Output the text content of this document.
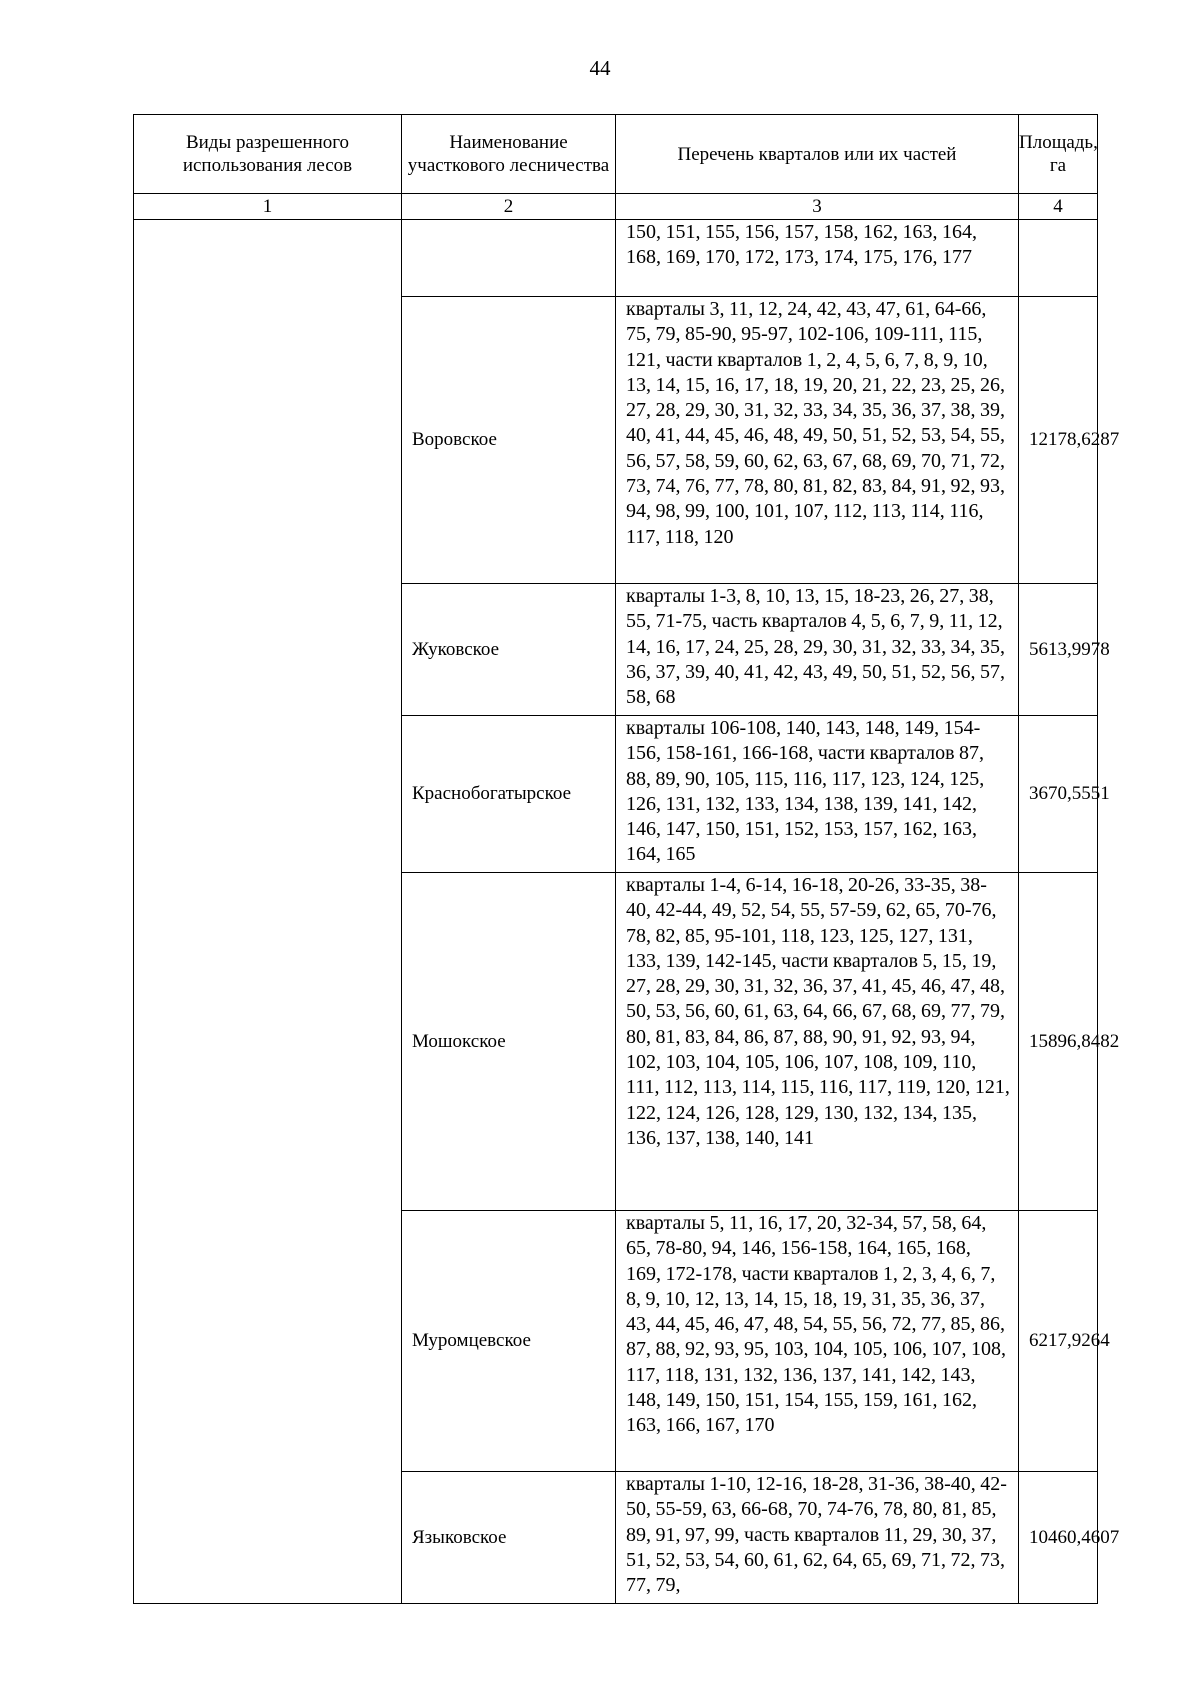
44
Виды разрешенного использования лесов	Наименование участкового лесничества	Перечень кварталов или их частей	Площадь, га
1	2	3	4
		150, 151, 155, 156, 157, 158, 162, 163, 164, 168, 169, 170, 172, 173, 174, 175, 176, 177	
	Воровское	кварталы 3, 11, 12, 24, 42, 43, 47, 61, 64-66, 75, 79, 85-90, 95-97, 102-106, 109-111, 115, 121, части кварталов 1, 2, 4, 5, 6, 7, 8, 9, 10, 13, 14, 15, 16, 17, 18, 19, 20, 21, 22, 23, 25, 26, 27, 28, 29, 30, 31, 32, 33, 34, 35, 36, 37, 38, 39, 40, 41, 44, 45, 46, 48, 49, 50, 51, 52, 53, 54, 55, 56, 57, 58, 59, 60, 62, 63, 67, 68, 69, 70, 71, 72, 73, 74, 76, 77, 78, 80, 81, 82, 83, 84, 91, 92, 93, 94, 98, 99, 100, 101, 107, 112, 113, 114, 116, 117, 118, 120	12178,6287
	Жуковское	кварталы 1-3, 8, 10, 13, 15, 18-23, 26, 27, 38, 55, 71-75, часть кварталов 4, 5, 6, 7, 9, 11, 12, 14, 16, 17, 24, 25, 28, 29, 30, 31, 32, 33, 34, 35, 36, 37, 39, 40, 41, 42, 43, 49, 50, 51, 52, 56, 57, 58, 68	5613,9978
	Краснобогатырское	кварталы 106-108, 140, 143, 148, 149, 154-156, 158-161, 166-168, части кварталов 87, 88, 89, 90, 105, 115, 116, 117, 123, 124, 125, 126, 131, 132, 133, 134, 138, 139, 141, 142, 146, 147, 150, 151, 152, 153, 157, 162, 163, 164, 165	3670,5551
	Мошокское	кварталы 1-4, 6-14, 16-18, 20-26, 33-35, 38-40, 42-44, 49, 52, 54, 55, 57-59, 62, 65, 70-76, 78, 82, 85, 95-101, 118, 123, 125, 127, 131, 133, 139, 142-145, части кварталов 5, 15, 19, 27, 28, 29, 30, 31, 32, 36, 37, 41, 45, 46, 47, 48, 50, 53, 56, 60, 61, 63, 64, 66, 67, 68, 69, 77, 79, 80, 81, 83, 84, 86, 87, 88, 90, 91, 92, 93, 94, 102, 103, 104, 105, 106, 107, 108, 109, 110, 111, 112, 113, 114, 115, 116, 117, 119, 120, 121, 122, 124, 126, 128, 129, 130, 132, 134, 135, 136, 137, 138, 140, 141	15896,8482
	Муромцевское	кварталы 5, 11, 16, 17, 20, 32-34, 57, 58, 64, 65, 78-80, 94, 146, 156-158, 164, 165, 168, 169, 172-178, части кварталов 1, 2, 3, 4, 6, 7, 8, 9, 10, 12, 13, 14, 15, 18, 19, 31, 35, 36, 37, 43, 44, 45, 46, 47, 48, 54, 55, 56, 72, 77, 85, 86, 87, 88, 92, 93, 95, 103, 104, 105, 106, 107, 108, 117, 118, 131, 132, 136, 137, 141, 142, 143, 148, 149, 150, 151, 154, 155, 159, 161, 162, 163, 166, 167, 170	6217,9264
	Языковское	кварталы 1-10, 12-16, 18-28, 31-36, 38-40, 42-50, 55-59, 63, 66-68, 70, 74-76, 78, 80, 81, 85, 89, 91, 97, 99, часть кварталов 11, 29, 30, 37, 51, 52, 53, 54, 60, 61, 62, 64, 65, 69, 71, 72, 73, 77, 79,	10460,4607
